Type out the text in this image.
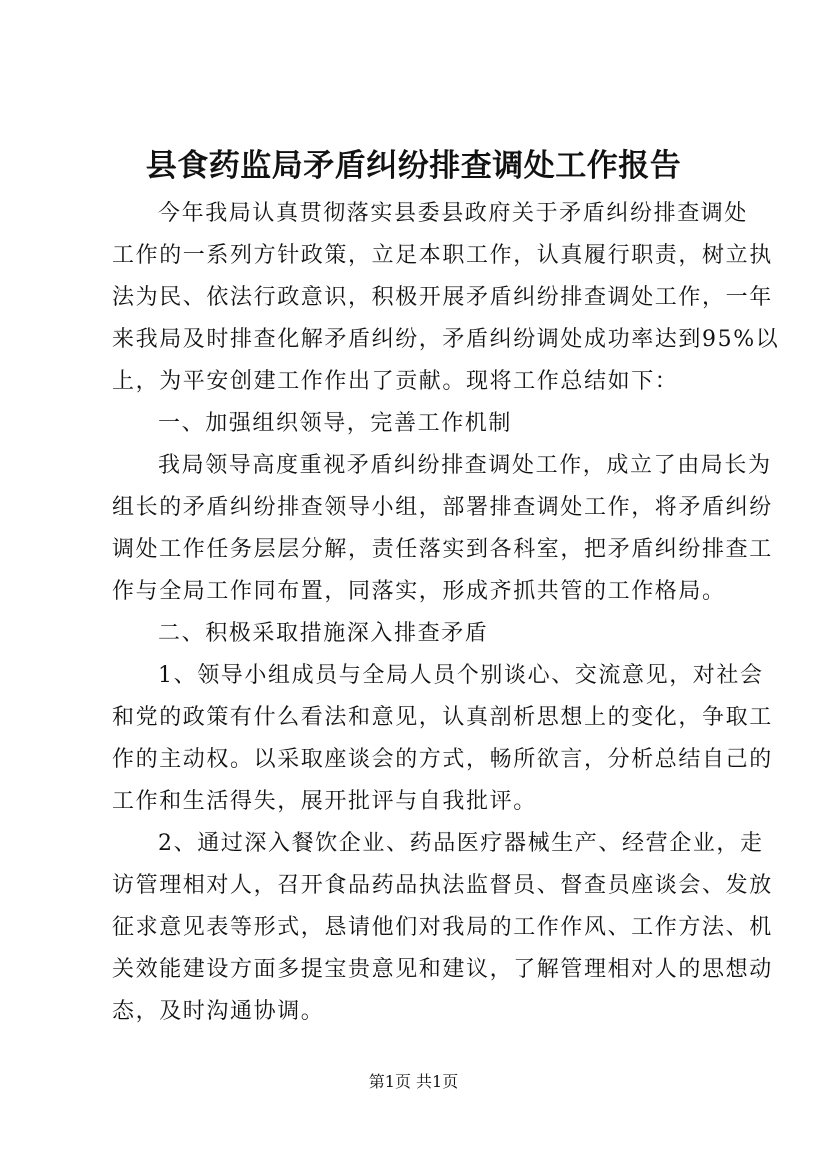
县食药监局矛盾纠纷排查调处工作报告
今年我局认真贯彻落实县委县政府关于矛盾纠纷排查调处
工作的一系列方针政策，立足本职工作，认真履行职责，树立执
法为民、依法行政意识，积极开展矛盾纠纷排查调处工作，一年
来我局及时排查化解矛盾纠纷，矛盾纠纷调处成功率达到95%以
上，为平安创建工作作出了贡献。现将工作总结如下：
一、加强组织领导，完善工作机制
我局领导高度重视矛盾纠纷排查调处工作，成立了由局长为
组长的矛盾纠纷排查领导小组，部署排查调处工作，将矛盾纠纷
调处工作任务层层分解，责任落实到各科室，把矛盾纠纷排查工
作与全局工作同布置，同落实，形成齐抓共管的工作格局。
二、积极采取措施深入排查矛盾
1、领导小组成员与全局人员个别谈心、交流意见，对社会
和党的政策有什么看法和意见，认真剖析思想上的变化，争取工
作的主动权。以采取座谈会的方式，畅所欲言，分析总结自己的
工作和生活得失，展开批评与自我批评。
2、通过深入餐饮企业、药品医疗器械生产、经营企业，走
访管理相对人，召开食品药品执法监督员、督查员座谈会、发放
征求意见表等形式，恳请他们对我局的工作作风、工作方法、机
关效能建设方面多提宝贵意见和建议，了解管理相对人的思想动
态，及时沟通协调。
第1页 共1页
